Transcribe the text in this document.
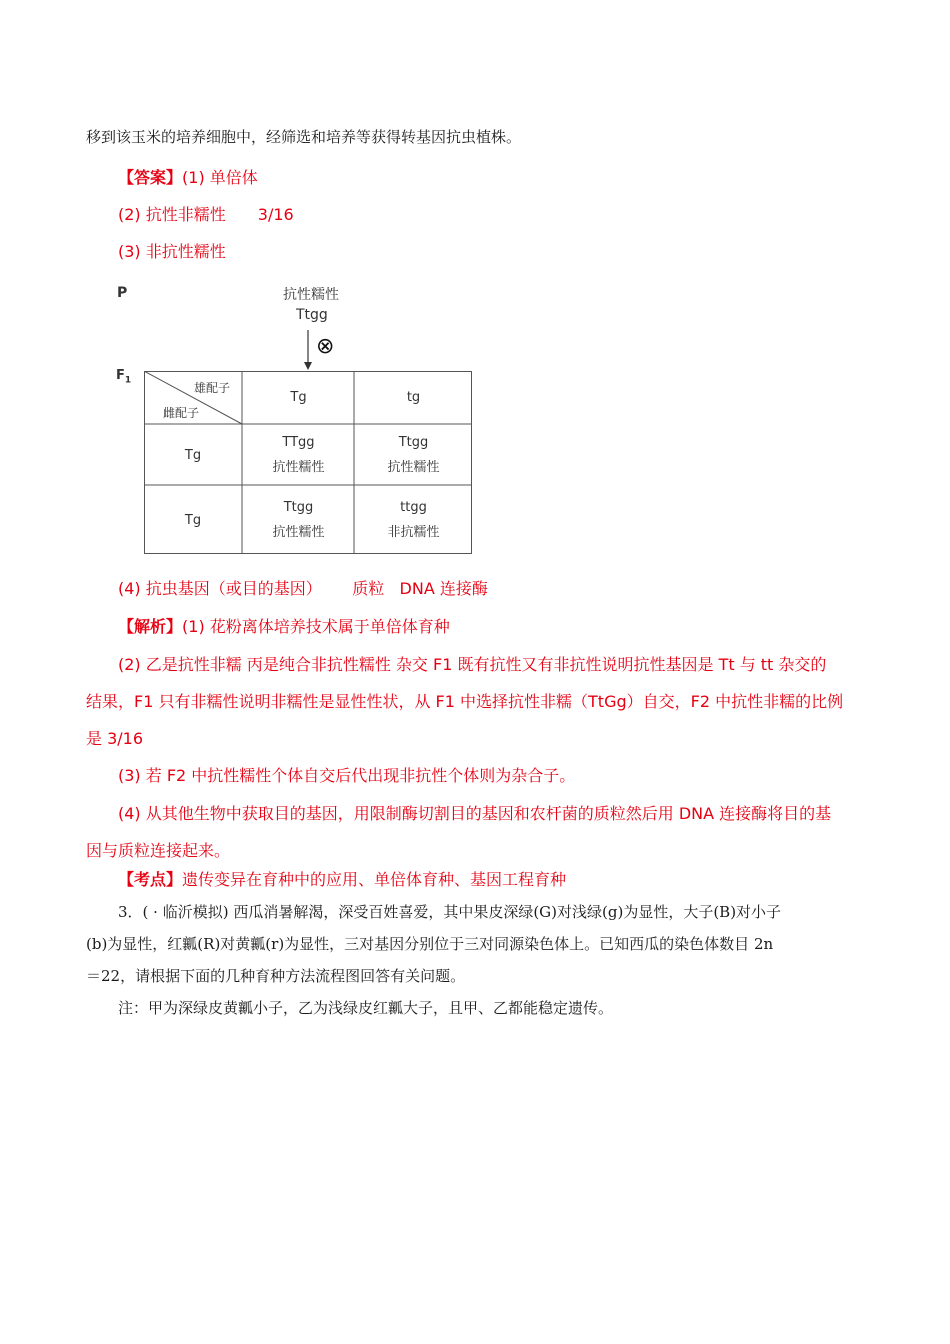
移到该玉米的培养细胞中，经筛选和培养等获得转基因抗虫植株。
【答案】(1) 单倍体
(2) 抗性非糯性 3/16
(3) 非抗性糯性
P	抗性糯性
Ttgg
⊗
$F_1$
雄配子
雌配子
Tg	tg
Tg
Tg
TTgg
抗性糯性
Ttgg
抗性糯性
Ttgg
抗性糯性
ttgg
非抗糯性
(4) 抗虫基因（或目的基因）      质粒   DNA 连接酶
【解析】(1) 花粉离体培养技术属于单倍体育种
(2) 乙是抗性非糯 丙是纯合非抗性糯性 杂交 F1 既有抗性又有非抗性说明抗性基因是 Tt 与 tt 杂交的
结果，F1 只有非糯性说明非糯性是显性性状，从 F1 中选择抗性非糯（TtGg）自交，F2 中抗性非糯的比例
是 3/16
(3) 若 F2 中抗性糯性个体自交后代出现非抗性个体则为杂合子。
(4) 从其他生物中获取目的基因，用限制酶切割目的基因和农杆菌的质粒然后用 DNA 连接酶将目的基
因与质粒连接起来。
【考点】遗传变异在育种中的应用、单倍体育种、基因工程育种
3．( · 临沂模拟) 西瓜消暑解渴，深受百姓喜爱，其中果皮深绿(G)对浅绿(g)为显性，大子(B)对小子
(b)为显性，红瓤(R)对黄瓤(r)为显性，三对基因分别位于三对同源染色体上。已知西瓜的染色体数目 2n
＝22，请根据下面的几种育种方法流程图回答有关问题。
注：甲为深绿皮黄瓤小子，乙为浅绿皮红瓤大子，且甲、乙都能稳定遗传。
